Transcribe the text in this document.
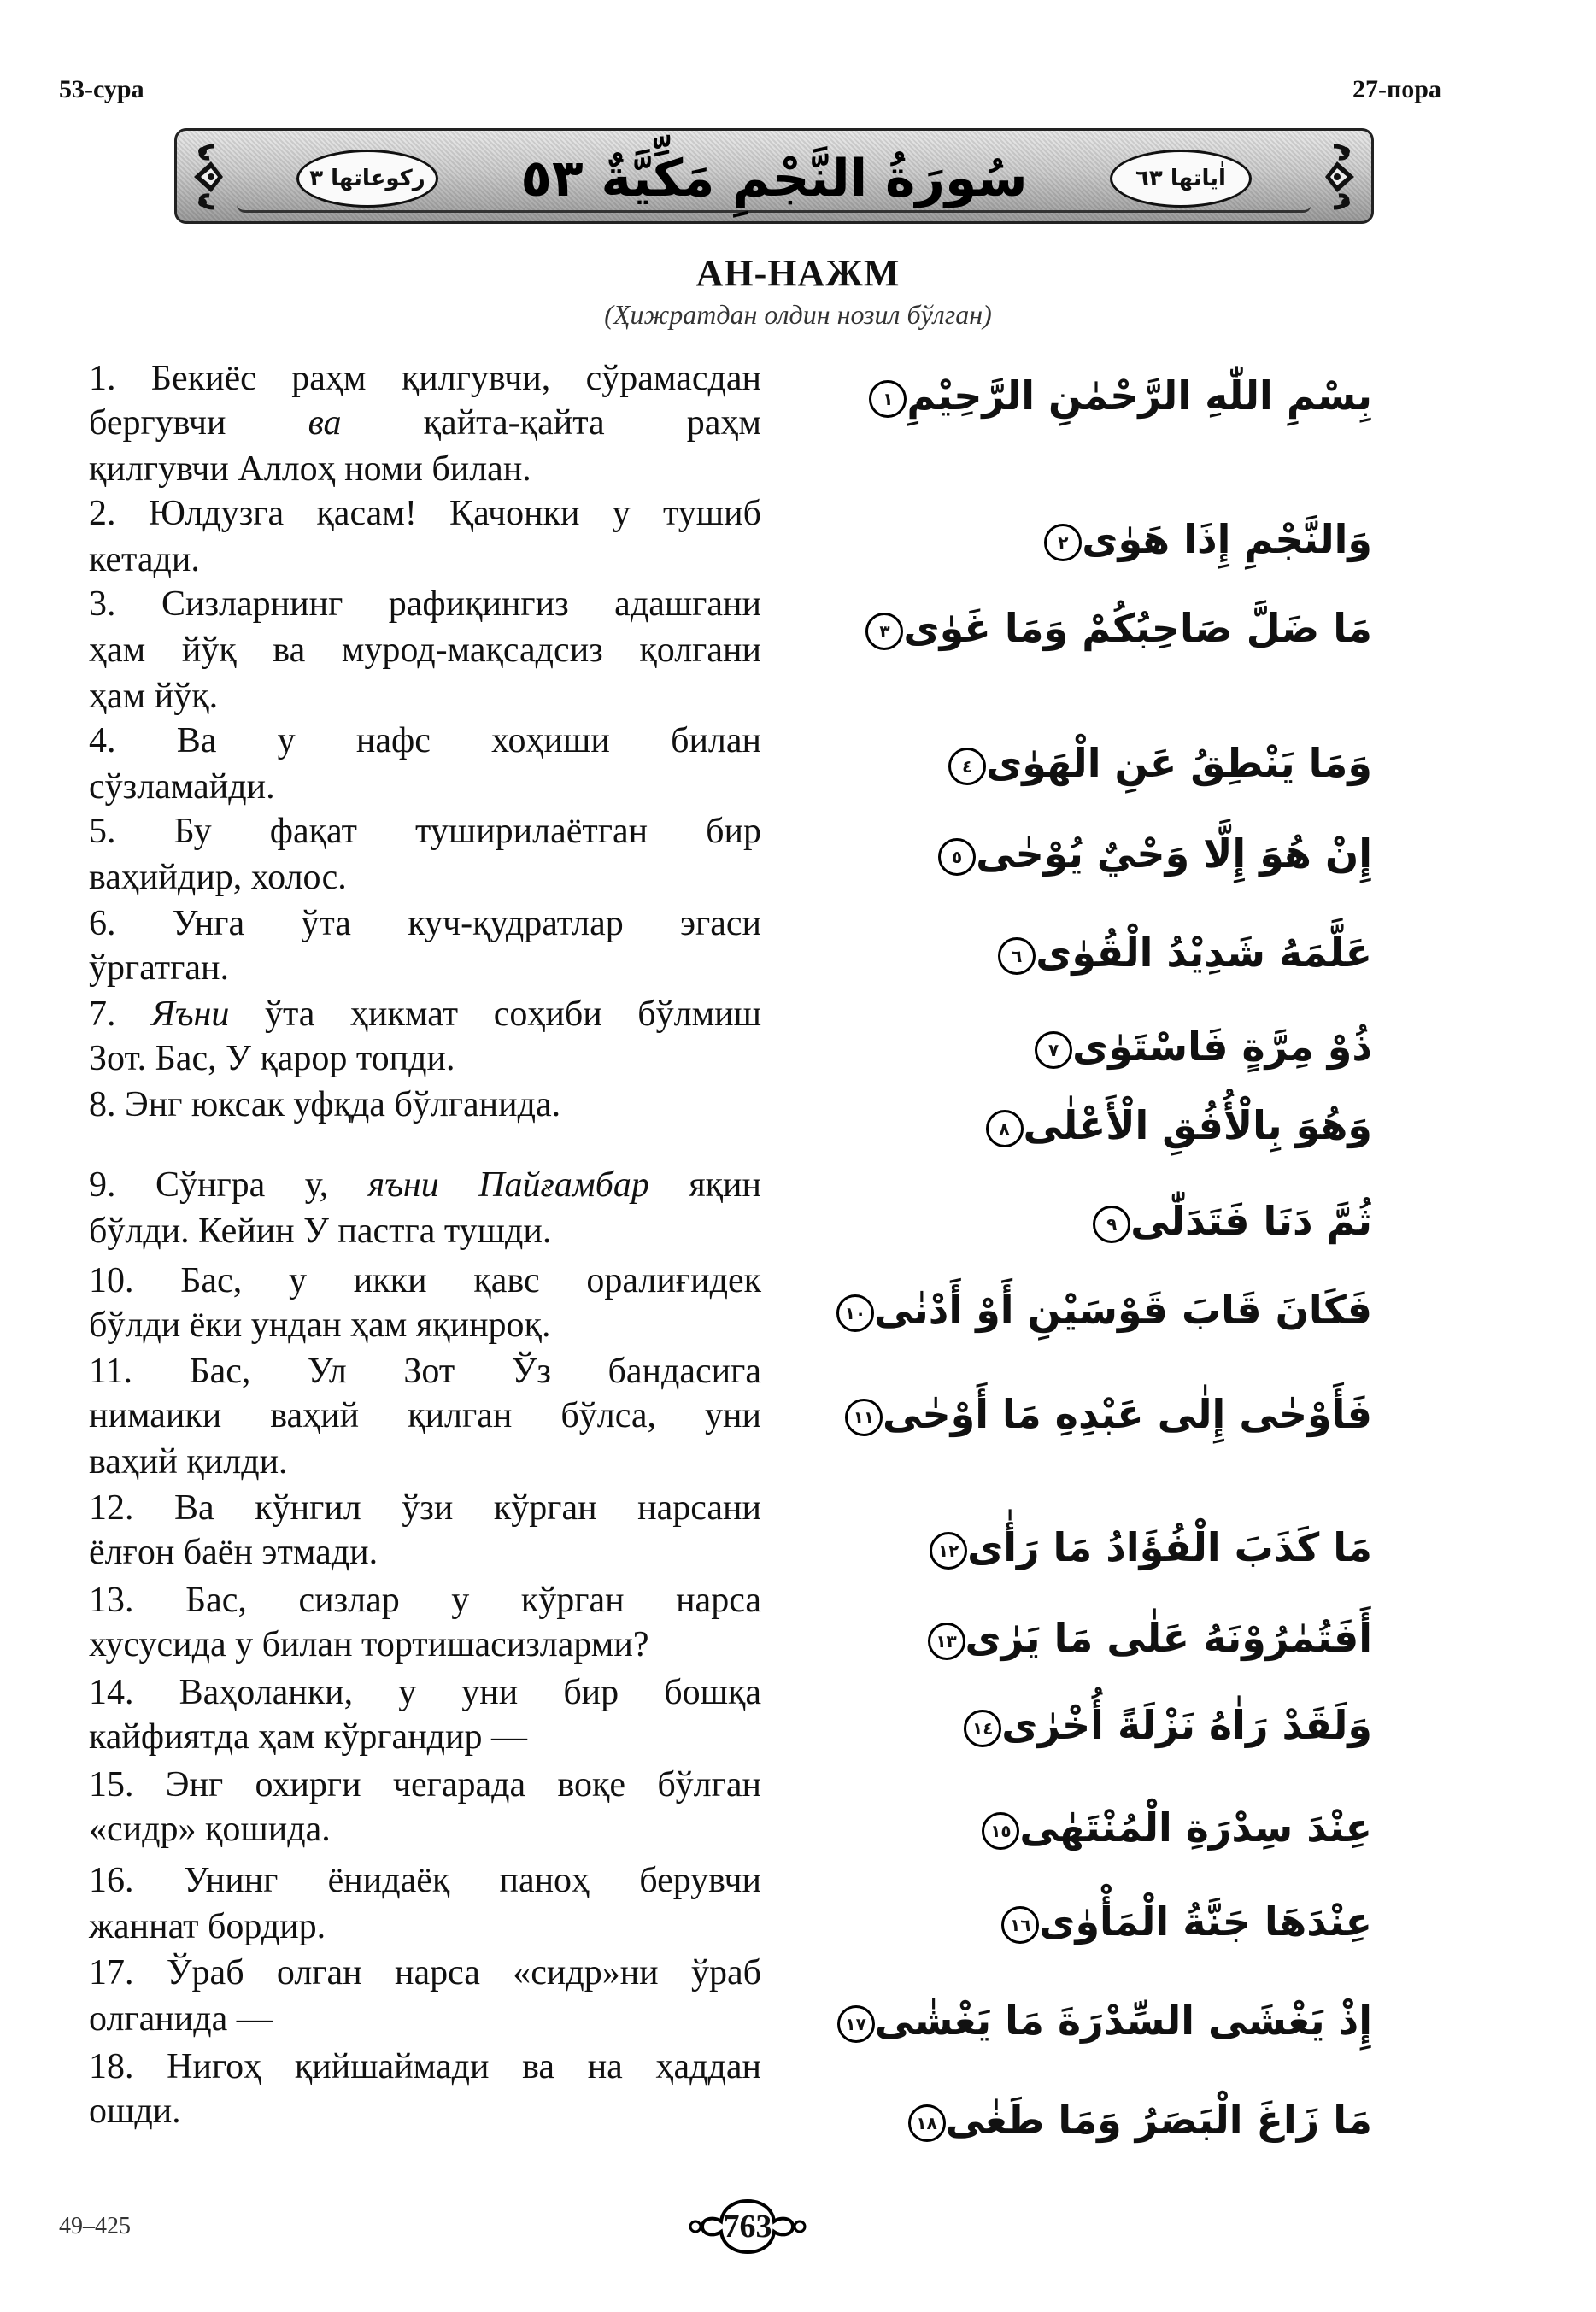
53-сура	27-пора
رکوعاتها ٣	سُورَةُ النَّجْمِ مَكِّيَّةٌ ٥٣	اٰياتها ٦٣
АН-НАЖМ
(Ҳижратдан олдин нозил бўлган)
1. Бекиёс раҳм қилгувчи, сўрамасдан
бергувчи ва қайта-қайта раҳм
қилгувчи Аллоҳ номи билан.
2. Юлдузга қасам! Қачонки у тушиб
кетади.
3. Сизларнинг рафиқингиз адашгани
ҳам йўқ ва мурод-мақсадсиз қолгани
ҳам йўқ.
4. Ва у нафс хоҳиши билан
сўзламайди.
5. Бу фақат туширилаётган бир
ваҳийдир, холос.
6. Унга ўта куч-қудратлар эгаси
ўргатган.
7. Яъни ўта ҳикмат соҳиби бўлмиш
Зот. Бас, У қарор топди.
8. Энг юксак уфқда бўлганида.
9. Сўнгра у, яъни Пайғамбар яқин
бўлди. Кейин У пастга тушди.
10. Бас, у икки қавс оралиғидек
бўлди ёки ундан ҳам яқинроқ.
11. Бас, Ул Зот Ўз бандасига
нимаики ваҳий қилган бўлса, уни
ваҳий қилди.
12. Ва кўнгил ўзи кўрган нарсани
ёлғон баён этмади.
13. Бас, сизлар у кўрган нарса
хусусида у билан тортишасизларми?
14. Ваҳоланки, у уни бир бошқа
кайфиятда ҳам кўргандир —
15. Энг охирги чегарада воқе бўлган
«сидр» қошида.
16. Унинг ёнидаёқ паноҳ берувчи
жаннат бордир.
17. Ўраб олган нарса «сидр»ни ўраб
олганида —
18. Нигоҳ қийшаймади ва на ҳаддан
ошди.
بِسْمِ اللّٰهِ الرَّحْمٰنِ الرَّحِيْمِ١
وَالنَّجْمِ إِذَا هَوٰى٢
مَا ضَلَّ صَاحِبُكُمْ وَمَا غَوٰى٣
وَمَا يَنْطِقُ عَنِ الْهَوٰى٤
إِنْ هُوَ إِلَّا وَحْيٌ يُوْحٰى٥
عَلَّمَهُ شَدِيْدُ الْقُوٰى٦
ذُوْ مِرَّةٍ فَاسْتَوٰى٧
وَهُوَ بِالْأُفُقِ الْأَعْلٰى٨
ثُمَّ دَنَا فَتَدَلّٰى٩
فَكَانَ قَابَ قَوْسَيْنِ أَوْ أَدْنٰى١٠
فَأَوْحٰى إِلٰى عَبْدِهِ مَا أَوْحٰى١١
مَا كَذَبَ الْفُؤَادُ مَا رَأٰى١٢
أَفَتُمٰرُوْنَهُ عَلٰى مَا يَرٰى١٣
وَلَقَدْ رَاٰهُ نَزْلَةً أُخْرٰى١٤
عِنْدَ سِدْرَةِ الْمُنْتَهٰى١٥
عِنْدَهَا جَنَّةُ الْمَأْوٰى١٦
إِذْ يَغْشَى السِّدْرَةَ مَا يَغْشٰى١٧
مَا زَاغَ الْبَصَرُ وَمَا طَغٰى١٨
49–425	763
